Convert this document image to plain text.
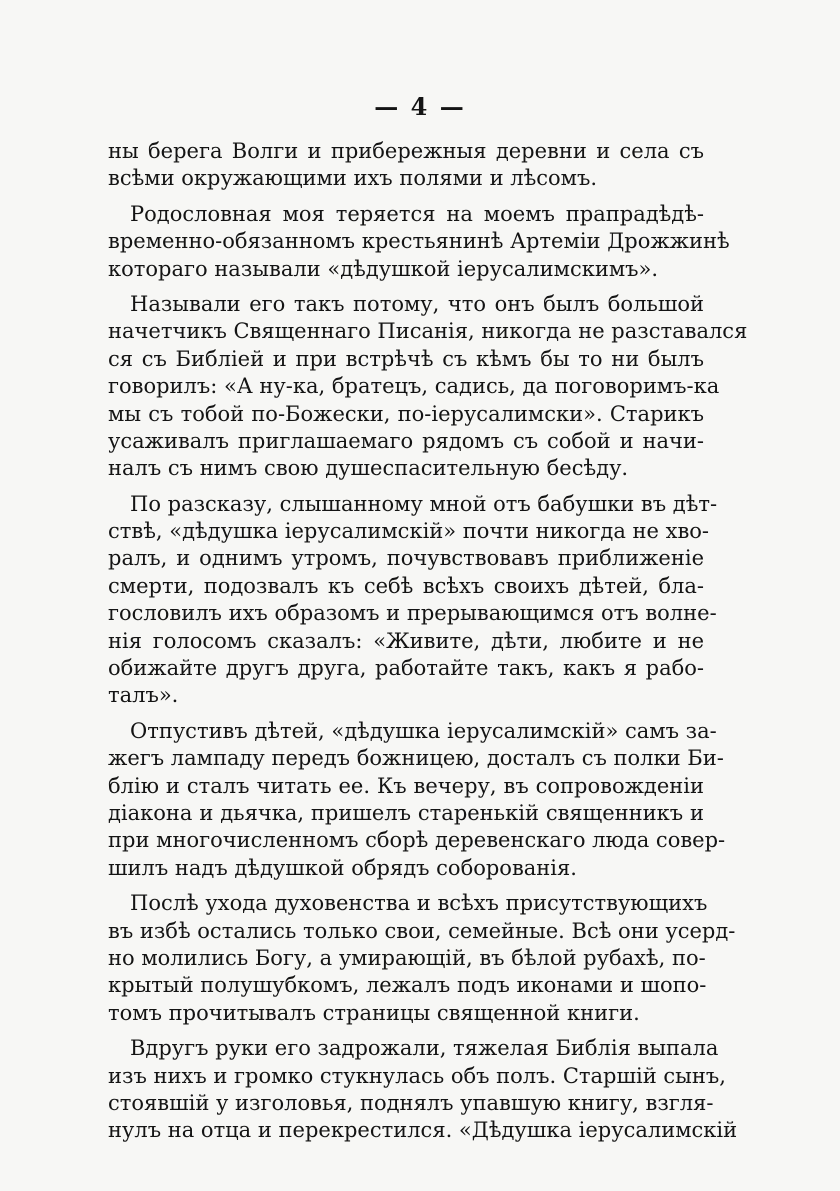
— 4 —
ны берега Волги и прибережныя деревни и села съ
всѣми окружающими ихъ полями и лѣсомъ.
Родословная моя теряется на моемъ прапрадѣдѣ-
временно-обязанномъ крестьянинѣ Артеміи Дрожжинѣ
котораго называли «дѣдушкой іерусалимскимъ».
Называли его такъ потому, что онъ былъ большой
начетчикъ Священнаго Писанія, никогда не разставался
ся съ Библіей и при встрѣчѣ съ кѣмъ бы то ни былъ
говорилъ: «А ну-ка, братецъ, садись, да поговоримъ-ка
мы съ тобой по-Божески, по-іерусалимски». Старикъ
усаживалъ приглашаемаго рядомъ съ собой и начи-
налъ съ нимъ свою душеспасительную бесѣду.
По разсказу, слышанному мной отъ бабушки въ дѣт-
ствѣ, «дѣдушка іерусалимскій» почти никогда не хво-
ралъ, и однимъ утромъ, почувствовавъ приближеніе
смерти, подозвалъ къ себѣ всѣхъ своихъ дѣтей, бла-
гословилъ ихъ образомъ и прерывающимся отъ волне-
нія голосомъ сказалъ: «Живите, дѣти, любите и не
обижайте другъ друга, работайте такъ, какъ я рабо-
талъ».
Отпустивъ дѣтей, «дѣдушка іерусалимскій» самъ за-
жегъ лампаду передъ божницею, досталъ съ полки Би-
блію и сталъ читать ее. Къ вечеру, въ сопровожденіи
діакона и дьячка, пришелъ старенькій священникъ и
при многочисленномъ сборѣ деревенскаго люда совер-
шилъ надъ дѣдушкой обрядъ соборованія.
Послѣ ухода духовенства и всѣхъ присутствующихъ
въ избѣ остались только свои, семейные. Всѣ они усерд-
но молились Богу, а умирающій, въ бѣлой рубахѣ, по-
крытый полушубкомъ, лежалъ подъ иконами и шопо-
томъ прочитывалъ страницы священной книги.
Вдругъ руки его задрожали, тяжелая Библія выпала
изъ нихъ и громко стукнулась объ полъ. Старшій сынъ,
стоявшій у изголовья, поднялъ упавшую книгу, взгля-
нулъ на отца и перекрестился. «Дѣдушка іерусалимскій
